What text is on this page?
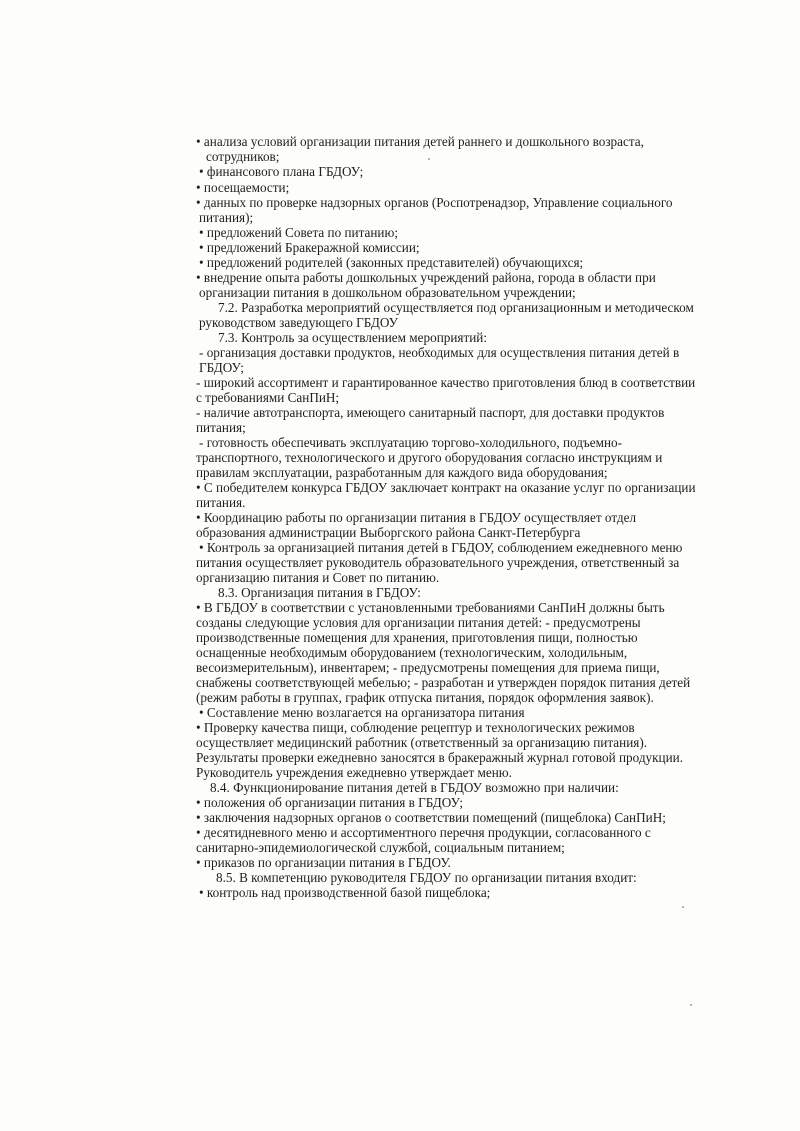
• анализа условий организации питания детей раннего и дошкольного возраста,
сотрудников;
• финансового плана ГБДОУ;
• посещаемости;
• данных по проверке надзорных органов (Роспотренадзор, Управление социального
питания);
• предложений Совета по питанию;
• предложений Бракеражной комиссии;
• предложений родителей (законных представителей) обучающихся;
• внедрение опыта работы дошкольных учреждений района, города в области при
организации питания в дошкольном образовательном учреждении;
7.2. Разработка мероприятий осуществляется под организационным и методическом
руководством заведующего ГБДОУ
7.3. Контроль за осуществлением мероприятий:
- организация доставки продуктов, необходимых для осуществления питания детей в
ГБДОУ;
- широкий ассортимент и гарантированное качество приготовления блюд в соответствии
с требованиями СанПиН;
- наличие автотранспорта, имеющего санитарный паспорт, для доставки продуктов
питания;
- готовность обеспечивать эксплуатацию торгово-холодильного, подъемно-
транспортного, технологического и другого оборудования согласно инструкциям и
правилам эксплуатации, разработанным для каждого вида оборудования;
• С победителем конкурса ГБДОУ заключает контракт на оказание услуг по организации
питания.
• Координацию работы по организации питания в ГБДОУ осуществляет отдел
образования администрации Выборгского района Санкт-Петербурга
• Контроль за организацией питания детей в ГБДОУ, соблюдением ежедневного меню
питания осуществляет руководитель образовательного учреждения, ответственный за
организацию питания и Совет по питанию.
8.3. Организация питания в ГБДОУ:
• В ГБДОУ в соответствии с установленными требованиями СанПиН должны быть
созданы следующие условия для организации питания детей: - предусмотрены
производственные помещения для хранения, приготовления пищи, полностью
оснащенные необходимым оборудованием (технологическим, холодильным,
весоизмерительным), инвентарем; - предусмотрены помещения для приема пищи,
снабжены соответствующей мебелью; - разработан и утвержден порядок питания детей
(режим работы в группах, график отпуска питания, порядок оформления заявок).
• Составление меню возлагается на организатора питания
• Проверку качества пищи, соблюдение рецептур и технологических режимов
осуществляет медицинский работник (ответственный за организацию питания).
Результаты проверки ежедневно заносятся в бракеражный журнал готовой продукции.
Руководитель учреждения ежедневно утверждает меню.
8.4. Функционирование питания детей в ГБДОУ возможно при наличии:
• положения об организации питания в ГБДОУ;
• заключения надзорных органов о соответствии помещений (пищеблока) СанПиН;
• десятидневного меню и ассортиментного перечня продукции, согласованного с
санитарно-эпидемиологической службой, социальным питанием;
• приказов по организации питания в ГБДОУ.
8.5. В компетенцию руководителя ГБДОУ по организации питания входит:
• контроль над производственной базой пищеблока;
